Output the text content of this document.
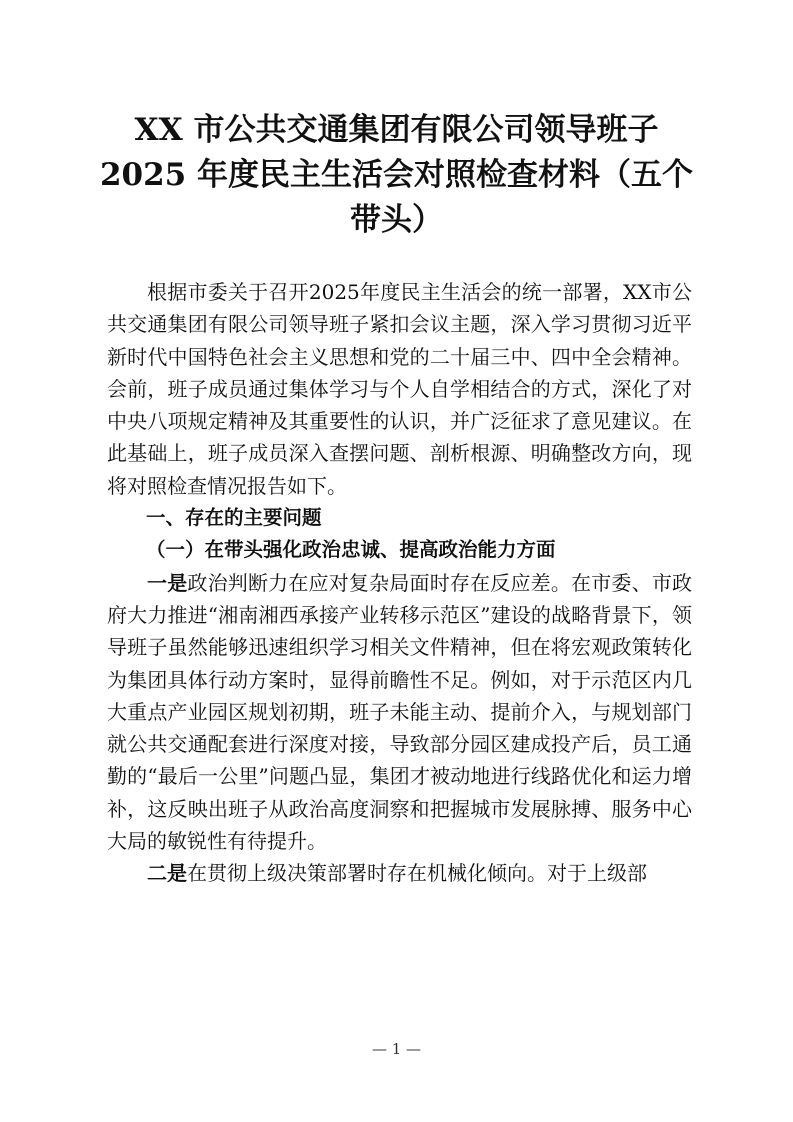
XX 市公共交通集团有限公司领导班子
2025 年度民主生活会对照检查材料（五个
带头）

根据市委关于召开2025年度民主生活会的统一部署，XX市公共交通集团有限公司领导班子紧扣会议主题，深入学习贯彻习近平新时代中国特色社会主义思想和党的二十届三中、四中全会精神。会前，班子成员通过集体学习与个人自学相结合的方式，深化了对中央八项规定精神及其重要性的认识，并广泛征求了意见建议。在此基础上，班子成员深入查摆问题、剖析根源、明确整改方向，现将对照检查情况报告如下。

一、存在的主要问题

（一）在带头强化政治忠诚、提高政治能力方面

一是政治判断力在应对复杂局面时存在反应差。在市委、市政府大力推进“湘南湘西承接产业转移示范区”建设的战略背景下，领导班子虽然能够迅速组织学习相关文件精神，但在将宏观政策转化为集团具体行动方案时，显得前瞻性不足。例如，对于示范区内几大重点产业园区规划初期，班子未能主动、提前介入，与规划部门就公共交通配套进行深度对接，导致部分园区建成投产后，员工通勤的“最后一公里”问题凸显，集团才被动地进行线路优化和运力增补，这反映出班子从政治高度洞察和把握城市发展脉搏、服务中心大局的敏锐性有待提升。

二是在贯彻上级决策部署时存在机械化倾向。对于上级部

— 1 —
